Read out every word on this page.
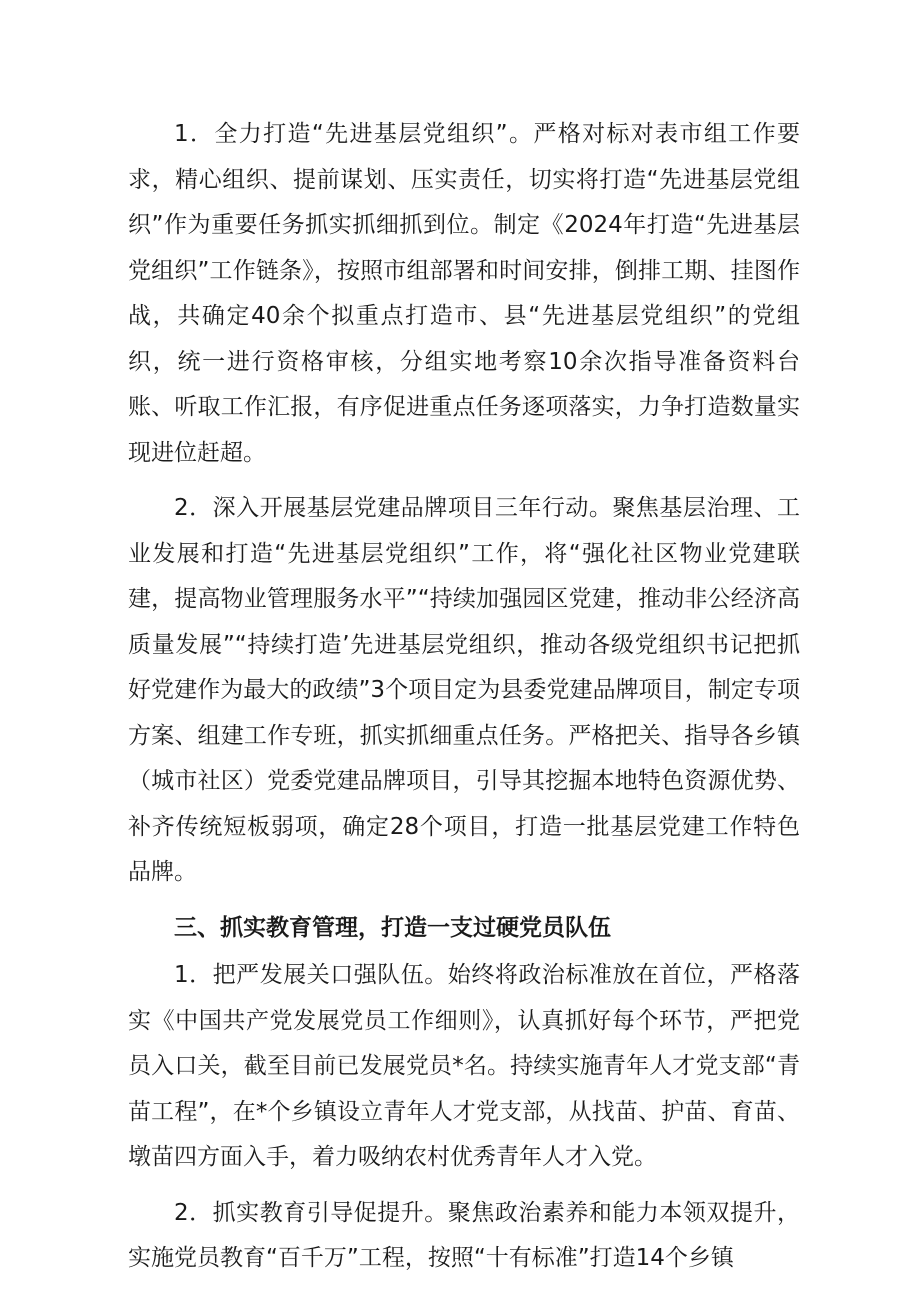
1．全力打造“先进基层党组织”。严格对标对表市组工作要求，精心组织、提前谋划、压实责任，切实将打造“先进基层党组织”作为重要任务抓实抓细抓到位。制定《2024年打造“先进基层党组织”工作链条》，按照市组部署和时间安排，倒排工期、挂图作战，共确定40余个拟重点打造市、县“先进基层党组织”的党组织，统一进行资格审核，分组实地考察10余次指导准备资料台账、听取工作汇报，有序促进重点任务逐项落实，力争打造数量实现进位赶超。

2．深入开展基层党建品牌项目三年行动。聚焦基层治理、工业发展和打造“先进基层党组织”工作，将“强化社区物业党建联建，提高物业管理服务水平”“持续加强园区党建，推动非公经济高质量发展”“持续打造’先进基层党组织，推动各级党组织书记把抓好党建作为最大的政绩”3个项目定为县委党建品牌项目，制定专项方案、组建工作专班，抓实抓细重点任务。严格把关、指导各乡镇（城市社区）党委党建品牌项目，引导其挖掘本地特色资源优势、补齐传统短板弱项，确定28个项目，打造一批基层党建工作特色品牌。

三、抓实教育管理，打造一支过硬党员队伍

1．把严发展关口强队伍。始终将政治标准放在首位，严格落实《中国共产党发展党员工作细则》，认真抓好每个环节，严把党员入口关，截至目前已发展党员*名。持续实施青年人才党支部“青苗工程”，在*个乡镇设立青年人才党支部，从找苗、护苗、育苗、墩苗四方面入手，着力吸纳农村优秀青年人才入党。

2．抓实教育引导促提升。聚焦政治素养和能力本领双提升，实施党员教育“百千万”工程，按照“十有标准”打造14个乡镇
